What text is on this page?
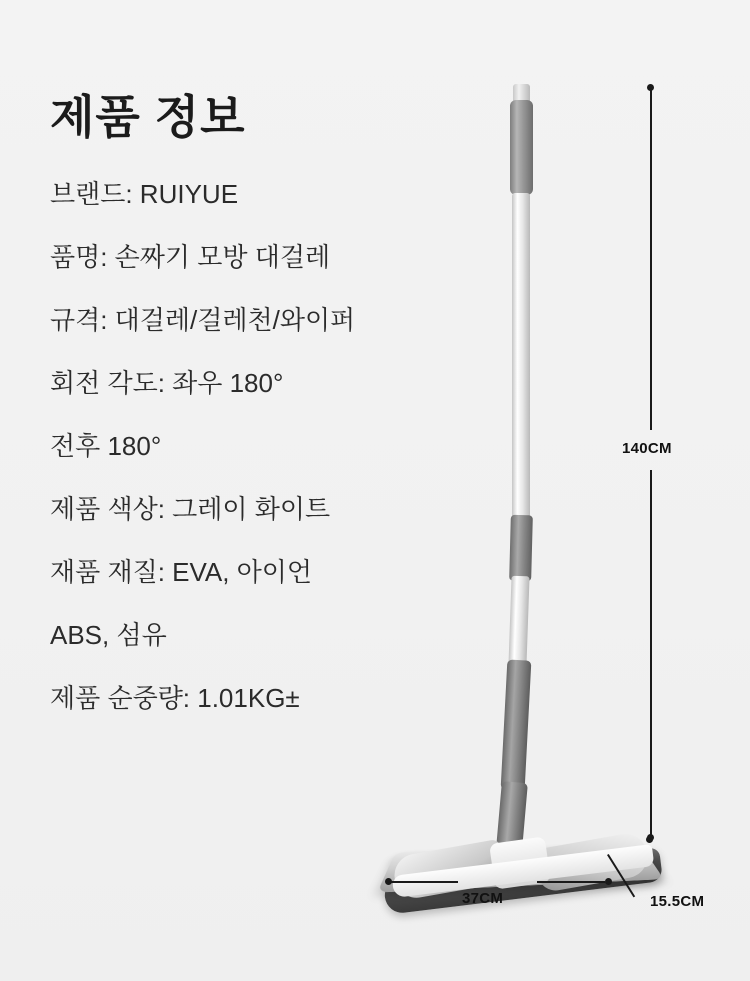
제품 정보
브랜드: RUIYUE
품명: 손짜기 모방 대걸레
규격: 대걸레/걸레천/와이퍼
회전 각도: 좌우 180°
전후 180°
제품 색상: 그레이 화이트
재품 재질: EVA, 아이언
ABS, 섬유
제품 순중량: 1.01KG±
140CM
37CM	15.5CM
